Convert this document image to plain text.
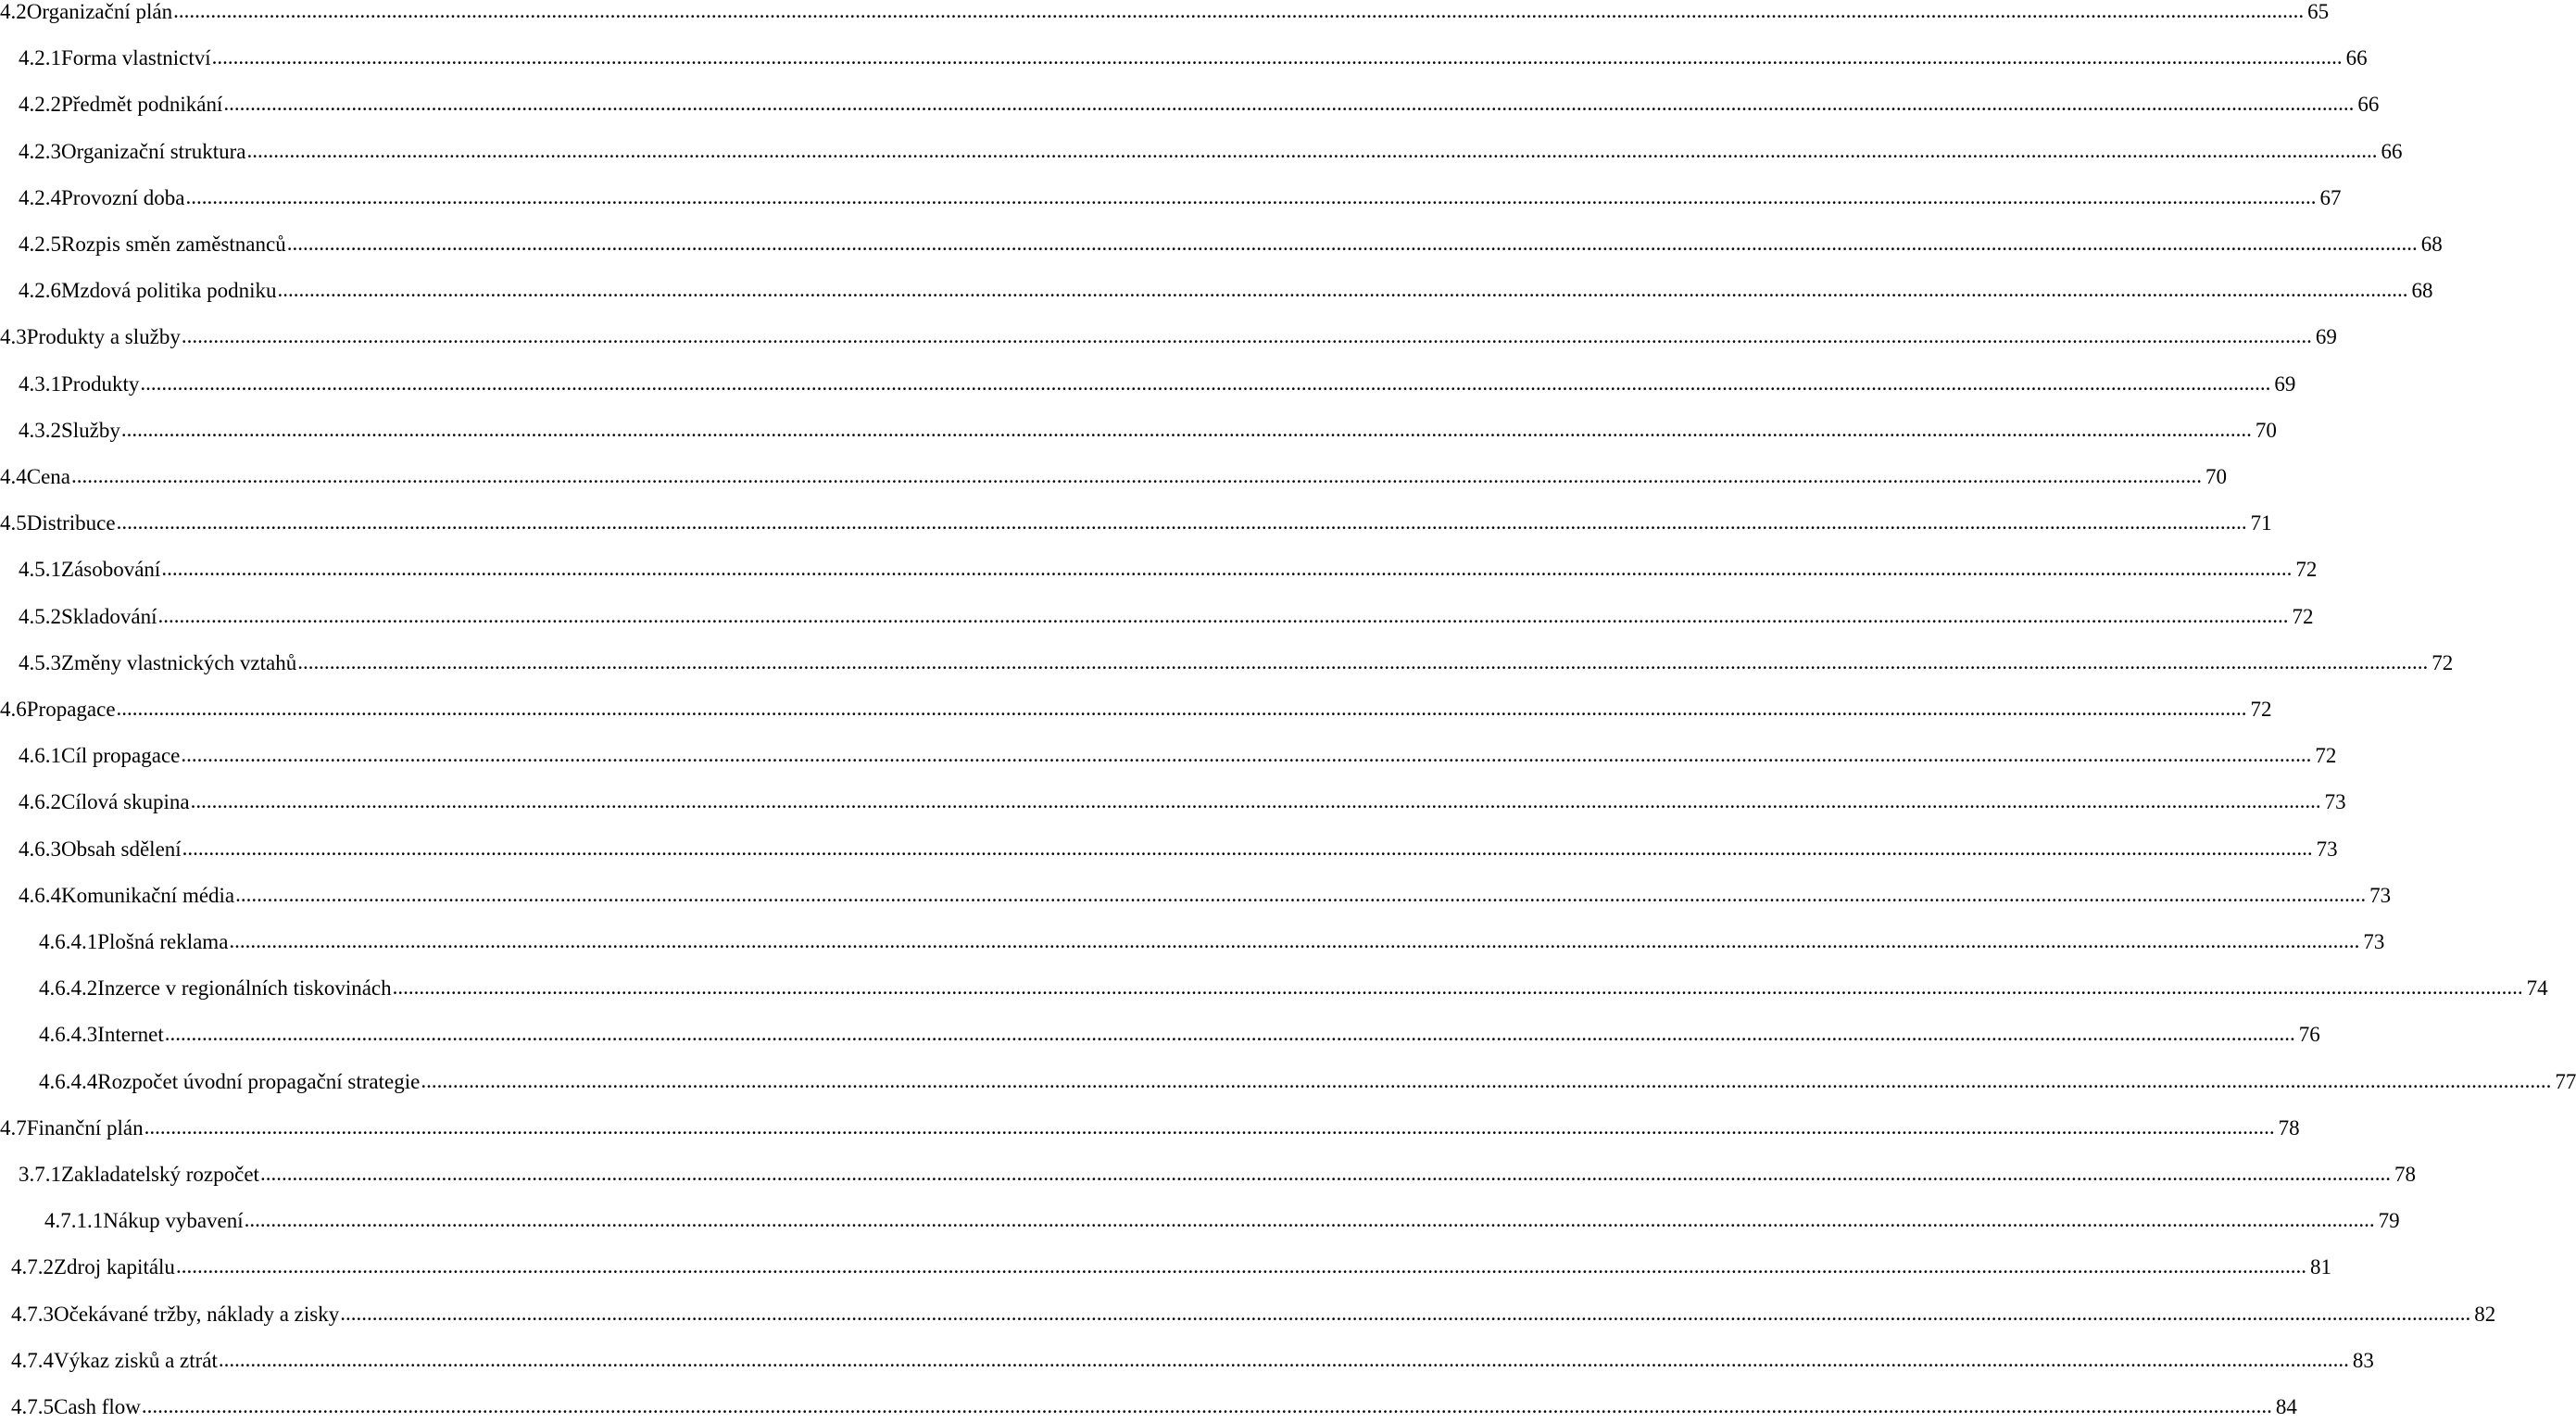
4.2 Organizační plán ................................................................................................................................................................................................................................................................................................................................................................................................................ 65
4.2.1 Forma vlastnictví ................................................................................................................................................................................................................................................................................................................................................................................................................ 66
4.2.2 Předmět podnikání ................................................................................................................................................................................................................................................................................................................................................................................................................ 66
4.2.3 Organizační struktura ................................................................................................................................................................................................................................................................................................................................................................................................................ 66
4.2.4 Provozní doba ................................................................................................................................................................................................................................................................................................................................................................................................................ 67
4.2.5 Rozpis směn zaměstnanců ................................................................................................................................................................................................................................................................................................................................................................................................................ 68
4.2.6 Mzdová politika podniku ................................................................................................................................................................................................................................................................................................................................................................................................................ 68
4.3 Produkty a služby ................................................................................................................................................................................................................................................................................................................................................................................................................ 69
4.3.1 Produkty ................................................................................................................................................................................................................................................................................................................................................................................................................ 69
4.3.2 Služby ................................................................................................................................................................................................................................................................................................................................................................................................................ 70
4.4 Cena ................................................................................................................................................................................................................................................................................................................................................................................................................ 70
4.5 Distribuce ................................................................................................................................................................................................................................................................................................................................................................................................................ 71
4.5.1 Zásobování ................................................................................................................................................................................................................................................................................................................................................................................................................ 72
4.5.2 Skladování ................................................................................................................................................................................................................................................................................................................................................................................................................ 72
4.5.3 Změny vlastnických vztahů ................................................................................................................................................................................................................................................................................................................................................................................................................ 72
4.6 Propagace ................................................................................................................................................................................................................................................................................................................................................................................................................ 72
4.6.1 Cíl propagace ................................................................................................................................................................................................................................................................................................................................................................................................................ 72
4.6.2 Cílová skupina ................................................................................................................................................................................................................................................................................................................................................................................................................ 73
4.6.3 Obsah sdělení ................................................................................................................................................................................................................................................................................................................................................................................................................ 73
4.6.4 Komunikační média ................................................................................................................................................................................................................................................................................................................................................................................................................ 73
4.6.4.1 Plošná reklama ................................................................................................................................................................................................................................................................................................................................................................................................................ 73
4.6.4.2 Inzerce v regionálních tiskovinách ................................................................................................................................................................................................................................................................................................................................................................................................................ 74
4.6.4.3 Internet ................................................................................................................................................................................................................................................................................................................................................................................................................ 76
4.6.4.4 Rozpočet úvodní propagační strategie ................................................................................................................................................................................................................................................................................................................................................................................................................ 77
4.7 Finanční plán ................................................................................................................................................................................................................................................................................................................................................................................................................ 78
3.7.1 Zakladatelský rozpočet ................................................................................................................................................................................................................................................................................................................................................................................................................ 78
4.7.1.1 Nákup vybavení ................................................................................................................................................................................................................................................................................................................................................................................................................ 79
4.7.2 Zdroj kapitálu ................................................................................................................................................................................................................................................................................................................................................................................................................ 81
4.7.3 Očekávané tržby, náklady a zisky ................................................................................................................................................................................................................................................................................................................................................................................................................ 82
4.7.4 Výkaz zisků a ztrát ................................................................................................................................................................................................................................................................................................................................................................................................................ 83
4.7.5 Cash flow ................................................................................................................................................................................................................................................................................................................................................................................................................ 84
